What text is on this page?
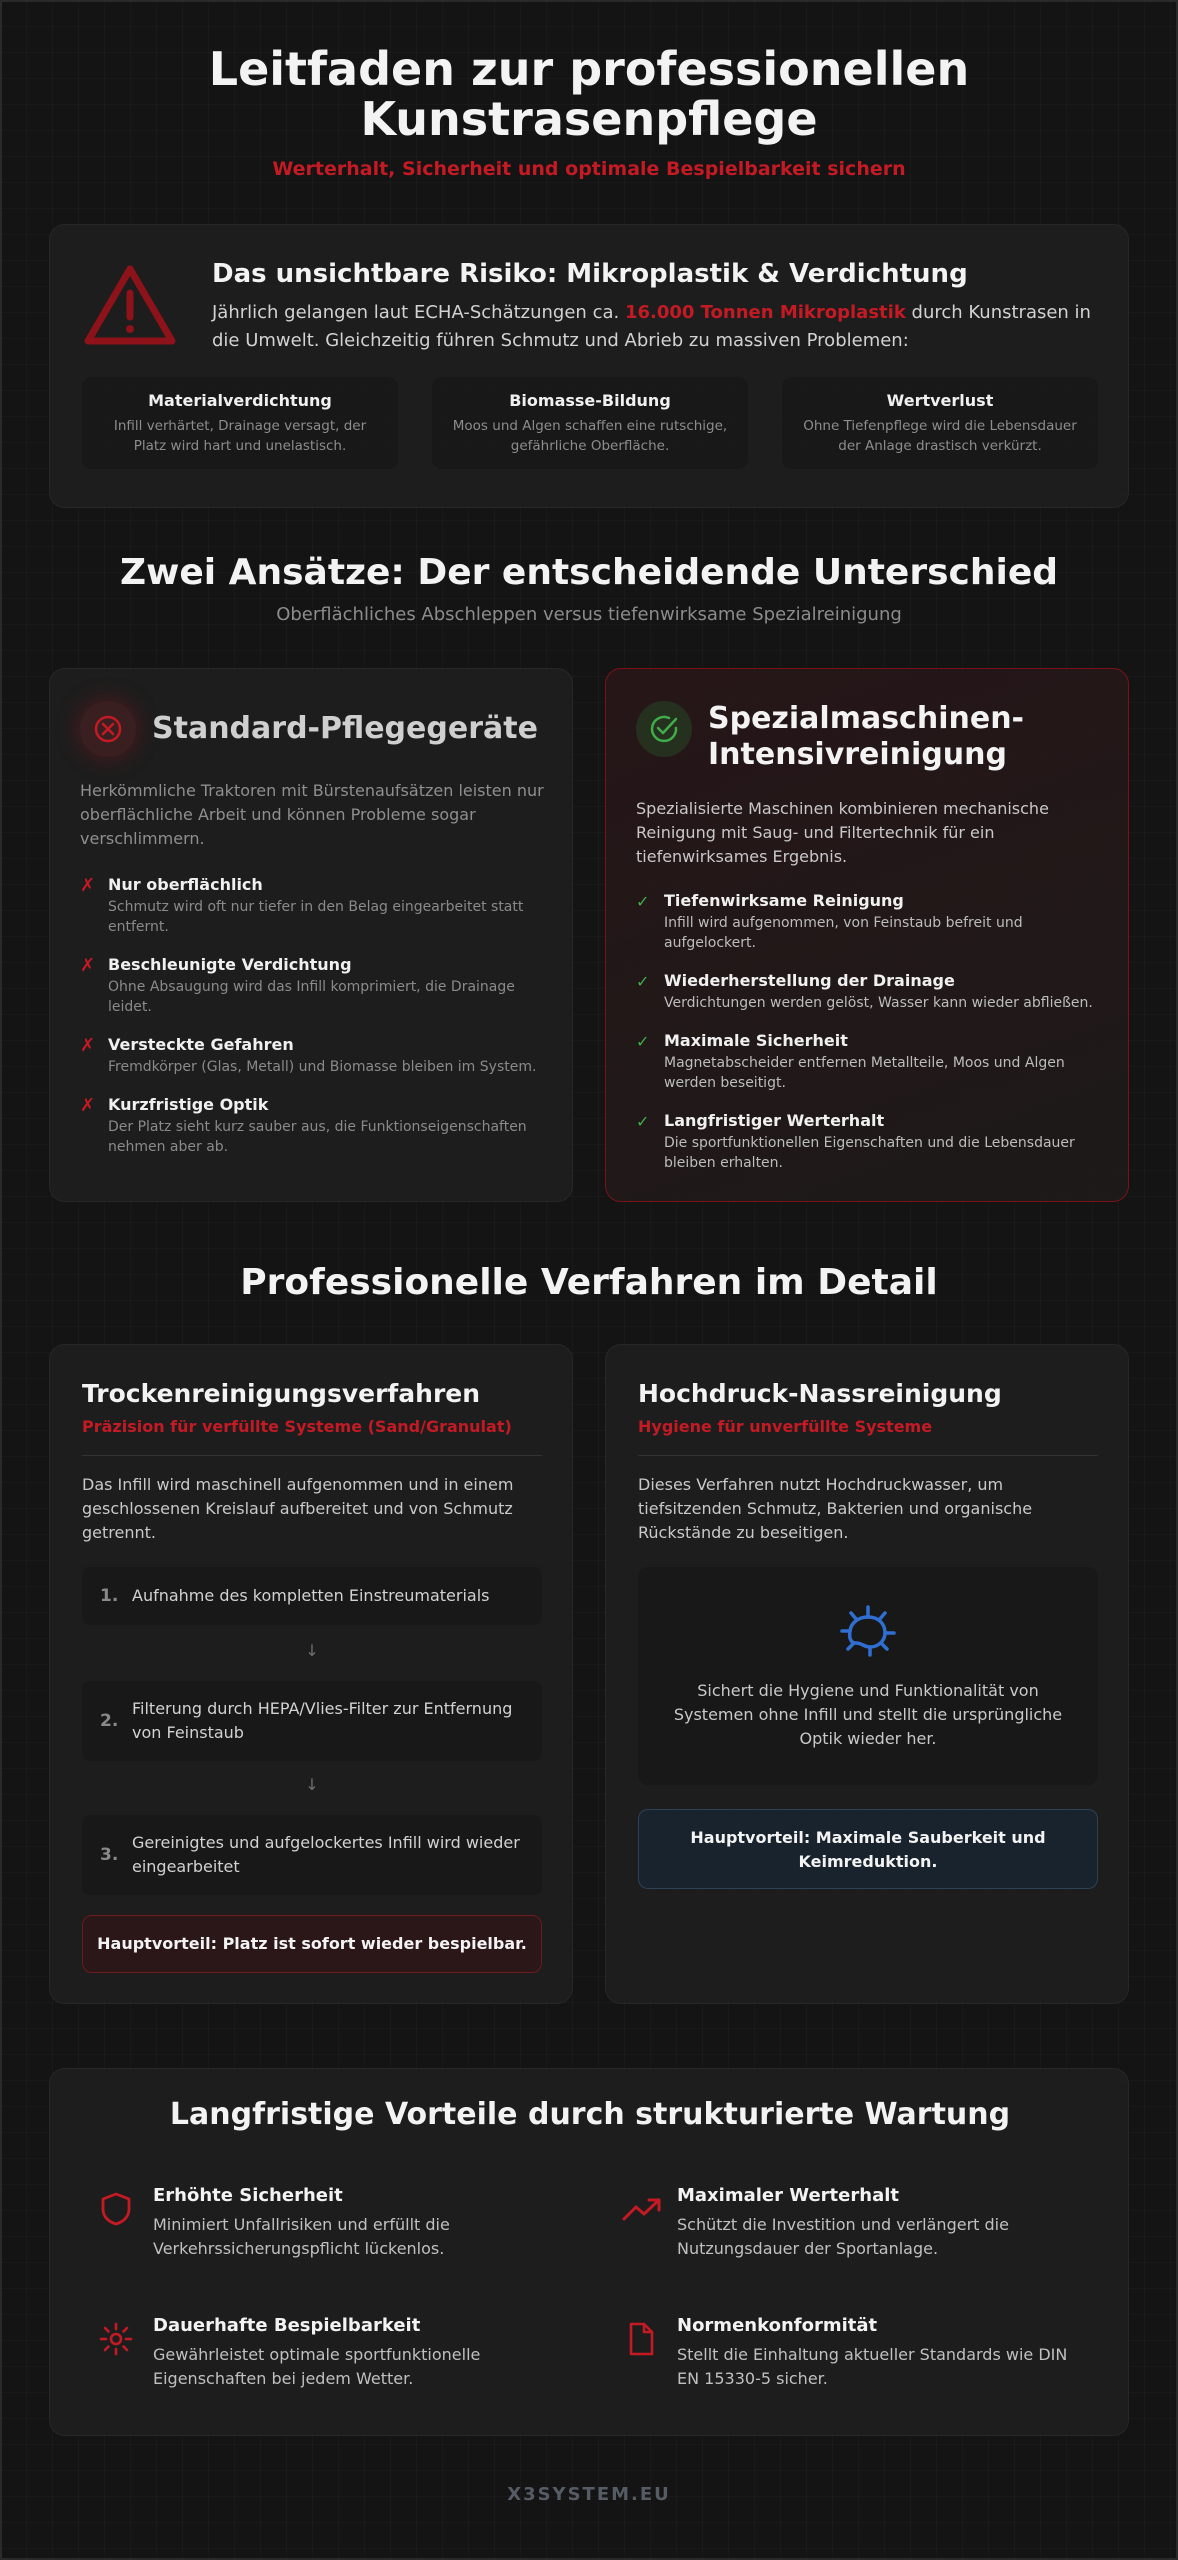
Leitfaden zur professionellen Kunstrasenpflege
Werterhalt, Sicherheit und optimale Bespielbarkeit sichern
Das unsichtbare Risiko: Mikroplastik & Verdichtung

Jährlich gelangen laut ECHA-Schätzungen ca. 16.000 Tonnen Mikroplastik durch Kunstrasen in die Umwelt. Gleichzeitig führen Schmutz und Abrieb zu massiven Problemen:

Materialverdichtung
Infill verhärtet, Drainage versagt, der Platz wird hart und unelastisch.
Biomasse-Bildung
Moos und Algen schaffen eine rutschige, gefährliche Oberfläche.
Wertverlust
Ohne Tiefenpflege wird die Lebensdauer der Anlage drastisch verkürzt.
Zwei Ansätze: Der entscheidende Unterschied
Oberflächliches Abschleppen versus tiefenwirksame Spezialreinigung
Standard-Pflegegeräte

Herkömmliche Traktoren mit Bürstenaufsätzen leisten nur oberflächliche Arbeit und können Probleme sogar verschlimmern.

✗ Nur oberflächlich
Schmutz wird oft nur tiefer in den Belag eingearbeitet statt entfernt.
✗ Beschleunigte Verdichtung
Ohne Absaugung wird das Infill komprimiert, die Drainage leidet.
✗ Versteckte Gefahren
Fremdkörper (Glas, Metall) und Biomasse bleiben im System.
✗ Kurzfristige Optik
Der Platz sieht kurz sauber aus, die Funktionseigenschaften nehmen aber ab.
Spezialmaschinen-Intensivreinigung

Spezialisierte Maschinen kombinieren mechanische Reinigung mit Saug- und Filtertechnik für ein tiefenwirksames Ergebnis.

✓ Tiefenwirksame Reinigung
Infill wird aufgenommen, von Feinstaub befreit und aufgelockert.
✓ Wiederherstellung der Drainage
Verdichtungen werden gelöst, Wasser kann wieder abfließen.
✓ Maximale Sicherheit
Magnetabscheider entfernen Metallteile, Moos und Algen werden beseitigt.
✓ Langfristiger Werterhalt
Die sportfunktionellen Eigenschaften und die Lebensdauer bleiben erhalten.
Professionelle Verfahren im Detail
Trockenreinigungsverfahren
Präzision für verfüllte Systeme (Sand/Granulat)

Das Infill wird maschinell aufgenommen und in einem geschlossenen Kreislauf aufbereitet und von Schmutz getrennt.

1. Aufnahme des kompletten Einstreumaterials
↓
2.
Filterung durch HEPA/Vlies-Filter zur Entfernung von Feinstaub
↓
3.
Gereinigtes und aufgelockertes Infill wird wieder eingearbeitet
Hauptvorteil: Platz ist sofort wieder bespielbar.
Hochdruck-Nassreinigung
Hygiene für unverfüllte Systeme

Dieses Verfahren nutzt Hochdruckwasser, um tiefsitzenden Schmutz, Bakterien und organische Rückstände zu beseitigen.

Sichert die Hygiene und Funktionalität von Systemen ohne Infill und stellt die ursprüngliche Optik wieder her.

Hauptvorteil: Maximale Sauberkeit und Keimreduktion.
Langfristige Vorteile durch strukturierte Wartung
Erhöhte Sicherheit
Minimiert Unfallrisiken und erfüllt die Verkehrssicherungspflicht lückenlos.
Maximaler Werterhalt
Schützt die Investition und verlängert die Nutzungsdauer der Sportanlage.
Dauerhafte Bespielbarkeit
Gewährleistet optimale sportfunktionelle Eigenschaften bei jedem Wetter.
Normenkonformität
Stellt die Einhaltung aktueller Standards wie DIN EN 15330-5 sicher.
X3SYSTEM.EU
